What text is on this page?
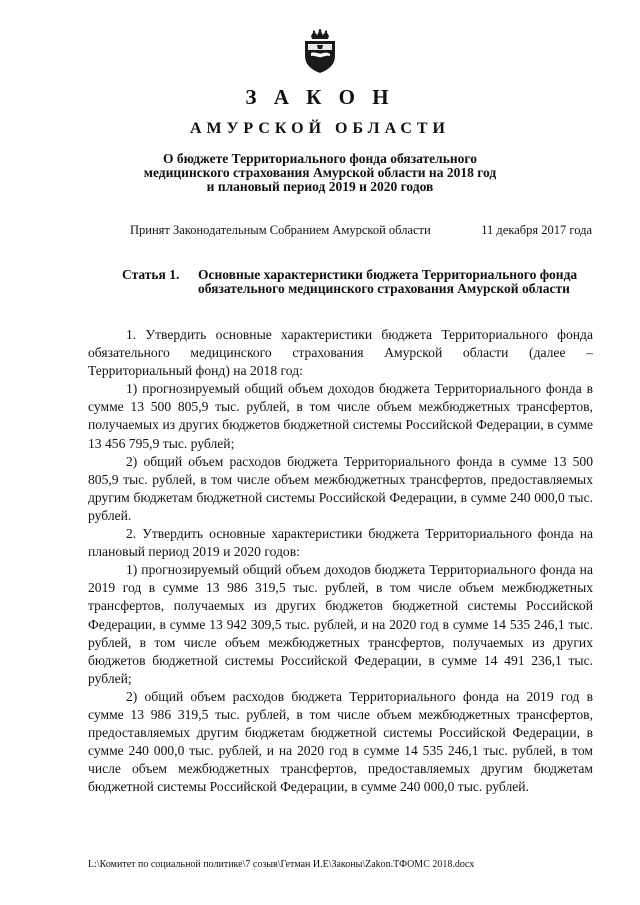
З А К О Н
АМУРСКОЙ ОБЛАСТИ
О бюджете Территориального фонда обязательного
медицинского страхования Амурской области на 2018 год
и плановый период 2019 и 2020 годов
Принят Законодательным Собранием Амурской области	11 декабря 2017 года
Статья 1. Основные характеристики бюджета Территориального фонда обязательного медицинского страхования Амурской области

1. Утвердить основные характеристики бюджета Территориального фонда обязательного медицинского страхования Амурской области (далее – Территориальный фонд) на 2018 год:

1) прогнозируемый общий объем доходов бюджета Территориального фонда в сумме 13 500 805,9 тыс. рублей, в том числе объем межбюджетных трансфертов, получаемых из других бюджетов бюджетной системы Российской Федерации, в сумме 13 456 795,9 тыс. рублей;

2) общий объем расходов бюджета Территориального фонда в сумме 13 500 805,9 тыс. рублей, в том числе объем межбюджетных трансфертов, предоставляемых другим бюджетам бюджетной системы Российской Федерации, в сумме 240 000,0 тыс. рублей.

2. Утвердить основные характеристики бюджета Территориального фонда на плановый период 2019 и 2020 годов:

1) прогнозируемый общий объем доходов бюджета Территориального фонда на 2019 год в сумме 13 986 319,5 тыс. рублей, в том числе объем межбюджетных трансфертов, получаемых из других бюджетов бюджетной системы Российской Федерации, в сумме 13 942 309,5 тыс. рублей, и на 2020 год в сумме 14 535 246,1 тыс. рублей, в том числе объем межбюджетных трансфертов, получаемых из других бюджетов бюджетной системы Российской Федерации, в сумме 14 491 236,1 тыс. рублей;

2) общий объем расходов бюджета Территориального фонда на 2019 год в сумме 13 986 319,5 тыс. рублей, в том числе объем межбюджетных трансфертов, предоставляемых другим бюджетам бюджетной системы Российской Федерации, в сумме 240 000,0 тыс. рублей, и на 2020 год в сумме 14 535 246,1 тыс. рублей, в том числе объем межбюджетных трансфертов, предоставляемых другим бюджетам бюджетной системы Российской Федерации, в сумме 240 000,0 тыс. рублей.

L:\Комитет по социальной политике\7 созыв\Гетман И.Е\Законы\Zakon.ТФОМС 2018.docx
